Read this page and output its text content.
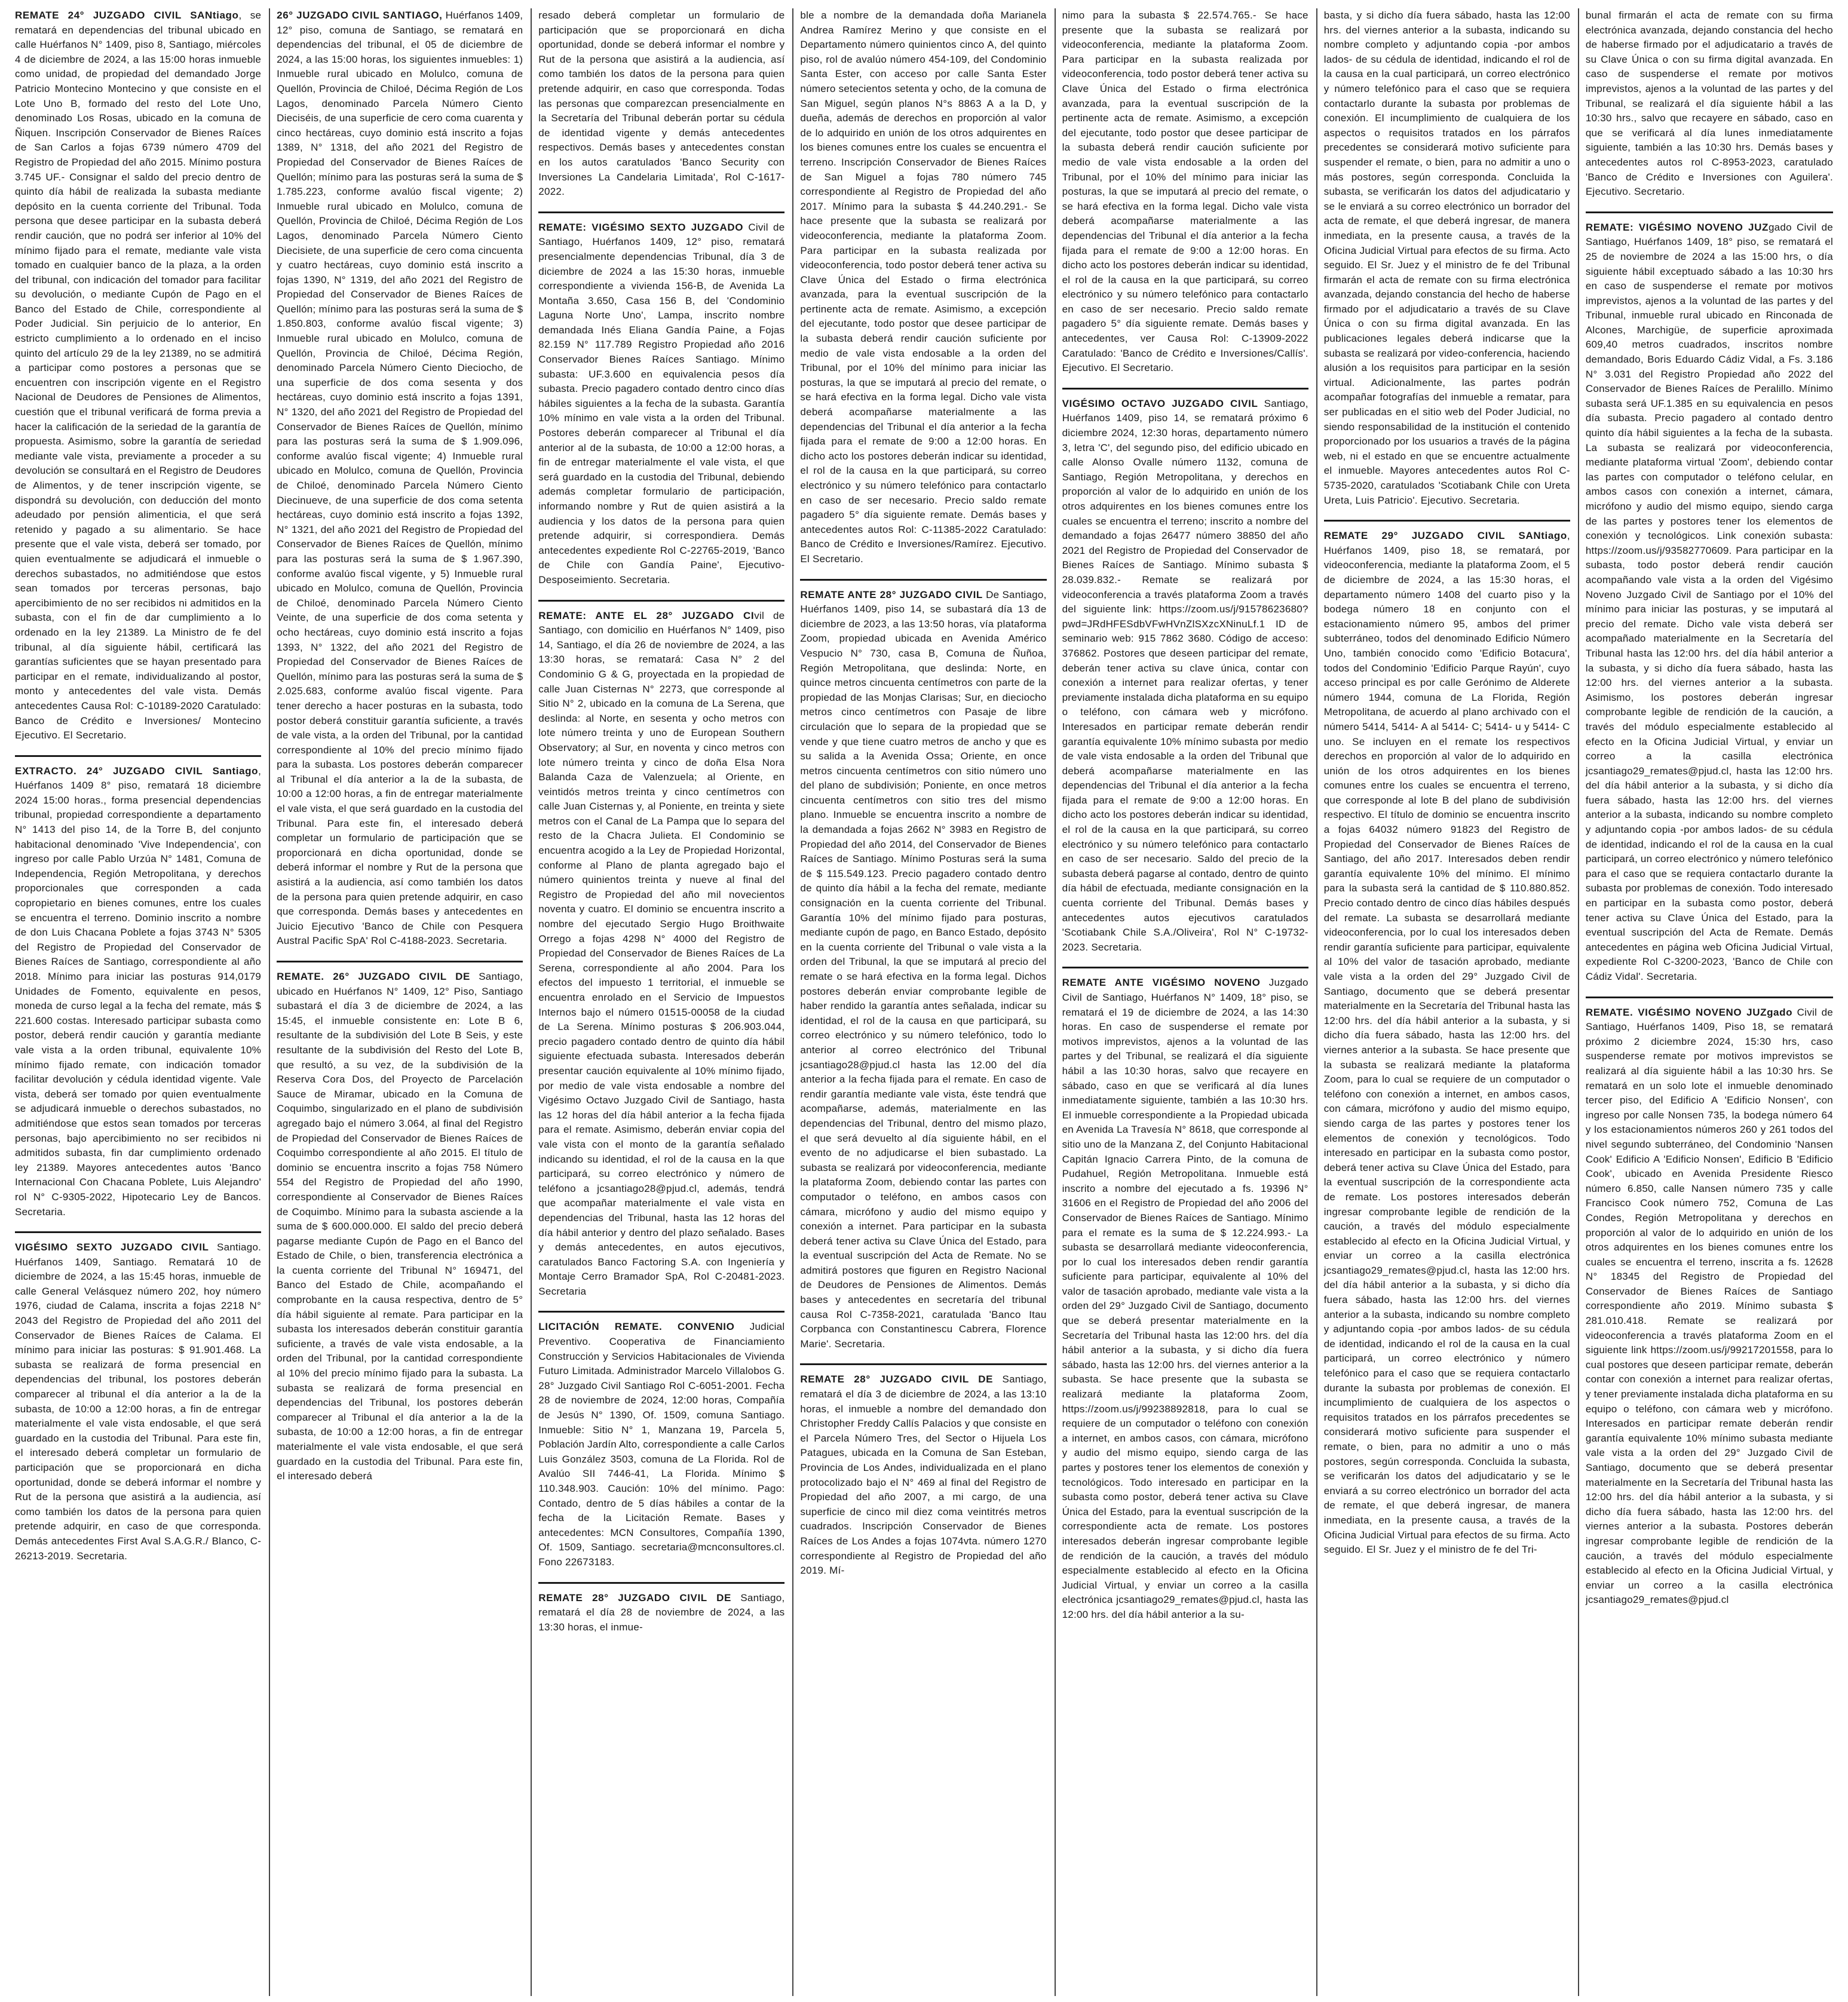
REMATE 24° JUZGADO CIVIL SANtiago, se rematará en dependencias del tribunal ubicado en calle Huérfanos N° 1409, piso 8, Santiago, miércoles 4 de diciembre de 2024, a las 15:00 horas inmueble como unidad, de propiedad del demandado Jorge Patricio Montecino Montecino y que consiste en el Lote Uno B, formado del resto del Lote Uno, denominado Los Rosas, ubicado en la comuna de Ñiquen. Inscripción Conservador de Bienes Raíces de San Carlos a fojas 6739 número 4709 del Registro de Propiedad del año 2015. Mínimo postura 3.745 UF.- Consignar el saldo del precio dentro de quinto día hábil de realizada la subasta mediante depósito en la cuenta corriente del Tribunal. Toda persona que desee participar en la subasta deberá rendir caución, que no podrá ser inferior al 10% del mínimo fijado para el remate, mediante vale vista tomado en cualquier banco de la plaza, a la orden del tribunal, con indicación del tomador para facilitar su devolución, o mediante Cupón de Pago en el Banco del Estado de Chile, correspondiente al Poder Judicial. Sin perjuicio de lo anterior, En estricto cumplimiento a lo ordenado en el inciso quinto del artículo 29 de la ley 21389, no se admitirá a participar como postores a personas que se encuentren con inscripción vigente en el Registro Nacional de Deudores de Pensiones de Alimentos, cuestión que el tribunal verificará de forma previa a hacer la calificación de la seriedad de la garantía de propuesta. Asimismo, sobre la garantía de seriedad mediante vale vista, previamente a proceder a su devolución se consultará en el Registro de Deudores de Alimentos, y de tener inscripción vigente, se dispondrá su devolución, con deducción del monto adeudado por pensión alimenticia, el que será retenido y pagado a su alimentario. Se hace presente que el vale vista, deberá ser tomado, por quien eventualmente se adjudicará el inmueble o derechos subastados, no admitiéndose que estos sean tomados por terceras personas, bajo apercibimiento de no ser recibidos ni admitidos en la subasta, con el fin de dar cumplimiento a lo ordenado en la ley 21389. La Ministro de fe del tribunal, al día siguiente hábil, certificará las garantías suficientes que se hayan presentado para participar en el remate, individualizando al postor, monto y antecedentes del vale vista. Demás antecedentes Causa Rol: C-10189-2020 Caratulado: Banco de Crédito e Inversiones/ Montecino Ejecutivo. El Secretario.

EXTRACTO. 24° JUZGADO CIVIL Santiago, Huérfanos 1409 8° piso, rematará 18 diciembre 2024 15:00 horas., forma presencial dependencias tribunal, propiedad correspondiente a departamento N° 1413 del piso 14, de la Torre B, del conjunto habitacional denominado 'Vive Independencia', con ingreso por calle Pablo Urzúa N° 1481, Comuna de Independencia, Región Metropolitana, y derechos proporcionales que corresponden a cada copropietario en bienes comunes, entre los cuales se encuentra el terreno. Dominio inscrito a nombre de don Luis Chacana Poblete a fojas 3743 N° 5305 del Registro de Propiedad del Conservador de Bienes Raíces de Santiago, correspondiente al año 2018. Mínimo para iniciar las posturas 914,0179 Unidades de Fomento, equivalente en pesos, moneda de curso legal a la fecha del remate, más $ 221.600 costas. Interesado participar subasta como postor, deberá rendir caución y garantía mediante vale vista a la orden tribunal, equivalente 10% mínimo fijado remate, con indicación tomador facilitar devolución y cédula identidad vigente. Vale vista, deberá ser tomado por quien eventualmente se adjudicará inmueble o derechos subastados, no admitiéndose que estos sean tomados por terceras personas, bajo apercibimiento no ser recibidos ni admitidos subasta, fin dar cumplimiento ordenado ley 21389. Mayores antecedentes autos 'Banco Internacional Con Chacana Poblete, Luis Alejandro' rol N° C-9305-2022, Hipotecario Ley de Bancos. Secretaria.

VIGÉSIMO SEXTO JUZGADO CIVIL Santiago. Huérfanos 1409, Santiago. Rematará 10 de diciembre de 2024, a las 15:45 horas, inmueble de calle General Velásquez número 202, hoy número 1976, ciudad de Calama, inscrita a fojas 2218 N° 2043 del Registro de Propiedad del año 2011 del Conservador de Bienes Raíces de Calama. El mínimo para iniciar las posturas: $ 91.901.468. La subasta se realizará de forma presencial en dependencias del tribunal, los postores deberán comparecer al tribunal el día anterior a la de la subasta, de 10:00 a 12:00 horas, a fin de entregar materialmente el vale vista endosable, el que será guardado en la custodia del Tribunal. Para este fin, el interesado deberá completar un formulario de participación que se proporcionará en dicha oportunidad, donde se deberá informar el nombre y Rut de la persona que asistirá a la audiencia, así como también los datos de la persona para quien pretende adquirir, en caso de que corresponda. Demás antecedentes First Aval S.A.G.R./ Blanco, C-26213-2019. Secretaria.

26° JUZGADO CIVIL SANTIAGO, Huérfanos 1409, 12° piso, comuna de Santiago, se rematará en dependencias del tribunal, el 05 de diciembre de 2024, a las 15:00 horas, los siguientes inmuebles: 1) Inmueble rural ubicado en Molulco, comuna de Quellón, Provincia de Chiloé, Décima Región de Los Lagos, denominado Parcela Número Ciento Dieciséis, de una superficie de cero coma cuarenta y cinco hectáreas, cuyo dominio está inscrito a fojas 1389, N° 1318, del año 2021 del Registro de Propiedad del Conservador de Bienes Raíces de Quellón; mínimo para las posturas será la suma de $ 1.785.223, conforme avalúo fiscal vigente; 2) Inmueble rural ubicado en Molulco, comuna de Quellón, Provincia de Chiloé, Décima Región de Los Lagos, denominado Parcela Número Ciento Diecisiete, de una superficie de cero coma cincuenta y cuatro hectáreas, cuyo dominio está inscrito a fojas 1390, N° 1319, del año 2021 del Registro de Propiedad del Conservador de Bienes Raíces de Quellón; mínimo para las posturas será la suma de $ 1.850.803, conforme avalúo fiscal vigente; 3) Inmueble rural ubicado en Molulco, comuna de Quellón, Provincia de Chiloé, Décima Región, denominado Parcela Número Ciento Dieciocho, de una superficie de dos coma sesenta y dos hectáreas, cuyo dominio está inscrito a fojas 1391, N° 1320, del año 2021 del Registro de Propiedad del Conservador de Bienes Raíces de Quellón, mínimo para las posturas será la suma de $ 1.909.096, conforme avalúo fiscal vigente; 4) Inmueble rural ubicado en Molulco, comuna de Quellón, Provincia de Chiloé, denominado Parcela Número Ciento Diecinueve, de una superficie de dos coma setenta hectáreas, cuyo dominio está inscrito a fojas 1392, N° 1321, del año 2021 del Registro de Propiedad del Conservador de Bienes Raíces de Quellón, mínimo para las posturas será la suma de $ 1.967.390, conforme avalúo fiscal vigente, y 5) Inmueble rural ubicado en Molulco, comuna de Quellón, Provincia de Chiloé, denominado Parcela Número Ciento Veinte, de una superficie de dos coma setenta y ocho hectáreas, cuyo dominio está inscrito a fojas 1393, N° 1322, del año 2021 del Registro de Propiedad del Conservador de Bienes Raíces de Quellón, mínimo para las posturas será la suma de $ 2.025.683, conforme avalúo fiscal vigente. Para tener derecho a hacer posturas en la subasta, todo postor deberá constituir garantía suficiente, a través de vale vista, a la orden del Tribunal, por la cantidad correspondiente al 10% del precio mínimo fijado para la subasta. Los postores deberán comparecer al Tribunal el día anterior a la de la subasta, de 10:00 a 12:00 horas, a fin de entregar materialmente el vale vista, el que será guardado en la custodia del Tribunal. Para este fin, el interesado deberá completar un formulario de participación que se proporcionará en dicha oportunidad, donde se deberá informar el nombre y Rut de la persona que asistirá a la audiencia, así como también los datos de la persona para quien pretende adquirir, en caso que corresponda. Demás bases y antecedentes en Juicio Ejecutivo 'Banco de Chile con Pesquera Austral Pacific SpA' Rol C-4188-2023. Secretaria.

REMATE. 26° JUZGADO CIVIL DE Santiago, ubicado en Huérfanos N° 1409, 12° Piso, Santiago subastará el día 3 de diciembre de 2024, a las 15:45, el inmueble consistente en: Lote B 6, resultante de la subdivisión del Lote B Seis, y este resultante de la subdivisión del Resto del Lote B, que resultó, a su vez, de la subdivisión de la Reserva Cora Dos, del Proyecto de Parcelación Sauce de Miramar, ubicado en la Comuna de Coquimbo, singularizado en el plano de subdivisión agregado bajo el número 3.064, al final del Registro de Propiedad del Conservador de Bienes Raíces de Coquimbo correspondiente al año 2015. El título de dominio se encuentra inscrito a fojas 758 Número 554 del Registro de Propiedad del año 1990, correspondiente al Conservador de Bienes Raíces de Coquimbo. Mínimo para la subasta asciende a la suma de $ 600.000.000. El saldo del precio deberá pagarse mediante Cupón de Pago en el Banco del Estado de Chile, o bien, transferencia electrónica a la cuenta corriente del Tribunal N° 169471, del Banco del Estado de Chile, acompañando el comprobante en la causa respectiva, dentro de 5° día hábil siguiente al remate. Para participar en la subasta los interesados deberán constituir garantía suficiente, a través de vale vista endosable, a la orden del Tribunal, por la cantidad correspondiente al 10% del precio mínimo fijado para la subasta. La subasta se realizará de forma presencial en dependencias del Tribunal, los postores deberán comparecer al Tribunal el día anterior a la de la subasta, de 10:00 a 12:00 horas, a fin de entregar materialmente el vale vista endosable, el que será guardado en la custodia del Tribunal. Para este fin, el interesado deberá

resado deberá completar un formulario de participación que se proporcionará en dicha oportunidad, donde se deberá informar el nombre y Rut de la persona que asistirá a la audiencia, así como también los datos de la persona para quien pretende adquirir, en caso que corresponda. Todas las personas que comparezcan presencialmente en la Secretaría del Tribunal deberán portar su cédula de identidad vigente y demás antecedentes respectivos. Demás bases y antecedentes constan en los autos caratulados 'Banco Security con Inversiones La Candelaria Limitada', Rol C-1617-2022.

REMATE: VIGÉSIMO SEXTO JUZGADO Civil de Santiago, Huérfanos 1409, 12° piso, rematará presencialmente dependencias Tribunal, día 3 de diciembre de 2024 a las 15:30 horas, inmueble correspondiente a vivienda 156-B, de Avenida La Montaña 3.650, Casa 156 B, del 'Condominio Laguna Norte Uno', Lampa, inscrito nombre demandada Inés Eliana Gandía Paine, a Fojas 82.159 N° 117.789 Registro Propiedad año 2016 Conservador Bienes Raíces Santiago. Mínimo subasta: UF.3.600 en equivalencia pesos día subasta. Precio pagadero contado dentro cinco días hábiles siguientes a la fecha de la subasta. Garantía 10% mínimo en vale vista a la orden del Tribunal. Postores deberán comparecer al Tribunal el día anterior al de la subasta, de 10:00 a 12:00 horas, a fin de entregar materialmente el vale vista, el que será guardado en la custodia del Tribunal, debiendo además completar formulario de participación, informando nombre y Rut de quien asistirá a la audiencia y los datos de la persona para quien pretende adquirir, si correspondiera. Demás antecedentes expediente Rol C-22765-2019, 'Banco de Chile con Gandía Paine', Ejecutivo-Desposeimiento. Secretaria.

REMATE: ANTE EL 28° JUZGADO CIvil de Santiago, con domicilio en Huérfanos N° 1409, piso 14, Santiago, el día 26 de noviembre de 2024, a las 13:30 horas, se rematará: Casa N° 2 del Condominio G & G, proyectada en la propiedad de calle Juan Cisternas N° 2273, que corresponde al Sitio N° 2, ubicado en la comuna de La Serena, que deslinda: al Norte, en sesenta y ocho metros con lote número treinta y uno de European Southern Observatory; al Sur, en noventa y cinco metros con lote número treinta y cinco de doña Elsa Nora Balanda Caza de Valenzuela; al Oriente, en veintidós metros treinta y cinco centímetros con calle Juan Cisternas y, al Poniente, en treinta y siete metros con el Canal de La Pampa que lo separa del resto de la Chacra Julieta. El Condominio se encuentra acogido a la Ley de Propiedad Horizontal, conforme al Plano de planta agregado bajo el número quinientos treinta y nueve al final del Registro de Propiedad del año mil novecientos noventa y cuatro. El dominio se encuentra inscrito a nombre del ejecutado Sergio Hugo Broithwaite Orrego a fojas 4298 N° 4000 del Registro de Propiedad del Conservador de Bienes Raíces de La Serena, correspondiente al año 2004. Para los efectos del impuesto 1 territorial, el inmueble se encuentra enrolado en el Servicio de Impuestos Internos bajo el número 01515-00058 de la ciudad de La Serena. Mínimo posturas $ 206.903.044, precio pagadero contado dentro de quinto día hábil siguiente efectuada subasta. Interesados deberán presentar caución equivalente al 10% mínimo fijado, por medio de vale vista endosable a nombre del Vigésimo Octavo Juzgado Civil de Santiago, hasta las 12 horas del día hábil anterior a la fecha fijada para el remate. Asimismo, deberán enviar copia del vale vista con el monto de la garantía señalado indicando su identidad, el rol de la causa en la que participará, su correo electrónico y número de teléfono a jcsantiago28@pjud.cl, además, tendrá que acompañar materialmente el vale vista en dependencias del Tribunal, hasta las 12 horas del día hábil anterior y dentro del plazo señalado. Bases y demás antecedentes, en autos ejecutivos, caratulados Banco Factoring S.A. con Ingeniería y Montaje Cerro Bramador SpA, Rol C-20481-2023. Secretaria

LICITACIÓN REMATE. CONVENIO Judicial Preventivo. Cooperativa de Financiamiento Construcción y Servicios Habitacionales de Vivienda Futuro Limitada. Administrador Marcelo Villalobos G. 28° Juzgado Civil Santiago Rol C-6051-2001. Fecha 28 de noviembre de 2024, 12:00 horas, Compañía de Jesús N° 1390, Of. 1509, comuna Santiago. Inmueble: Sitio N° 1, Manzana 19, Parcela 5, Población Jardín Alto, correspondiente a calle Carlos Luis González 3503, comuna de La Florida. Rol de Avalúo SII 7446-41, La Florida. Mínimo $ 110.348.903. Caución: 10% del mínimo. Pago: Contado, dentro de 5 días hábiles a contar de la fecha de la Licitación Remate. Bases y antecedentes: MCN Consultores, Compañía 1390, Of. 1509, Santiago. secretaria@mcnconsultores.cl. Fono 22673183.

REMATE 28° JUZGADO CIVIL DE Santiago, rematará el día 28 de noviembre de 2024, a las 13:30 horas, el inmue-

ble a nombre de la demandada doña Marianela Andrea Ramírez Merino y que consiste en el Departamento número quinientos cinco A, del quinto piso, rol de avalúo número 454-109, del Condominio Santa Ester, con acceso por calle Santa Ester número setecientos setenta y ocho, de la comuna de San Miguel, según planos N°s 8863 A a la D, y dueña, además de derechos en proporción al valor de lo adquirido en unión de los otros adquirentes en los bienes comunes entre los cuales se encuentra el terreno. Inscripción Conservador de Bienes Raíces de San Miguel a fojas 780 número 745 correspondiente al Registro de Propiedad del año 2017. Mínimo para la subasta $ 44.240.291.- Se hace presente que la subasta se realizará por videoconferencia, mediante la plataforma Zoom. Para participar en la subasta realizada por videoconferencia, todo postor deberá tener activa su Clave Única del Estado o firma electrónica avanzada, para la eventual suscripción de la pertinente acta de remate. Asimismo, a excepción del ejecutante, todo postor que desee participar de la subasta deberá rendir caución suficiente por medio de vale vista endosable a la orden del Tribunal, por el 10% del mínimo para iniciar las posturas, la que se imputará al precio del remate, o se hará efectiva en la forma legal. Dicho vale vista deberá acompañarse materialmente a las dependencias del Tribunal el día anterior a la fecha fijada para el remate de 9:00 a 12:00 horas. En dicho acto los postores deberán indicar su identidad, el rol de la causa en la que participará, su correo electrónico y su número telefónico para contactarlo en caso de ser necesario. Precio saldo remate pagadero 5° día siguiente remate. Demás bases y antecedentes autos Rol: C-11385-2022 Caratulado: Banco de Crédito e Inversiones/Ramírez. Ejecutivo. El Secretario.

REMATE ANTE 28° JUZGADO CIVIL De Santiago, Huérfanos 1409, piso 14, se subastará día 13 de diciembre de 2023, a las 13:50 horas, vía plataforma Zoom, propiedad ubicada en Avenida Américo Vespucio N° 730, casa B, Comuna de Ñuñoa, Región Metropolitana, que deslinda: Norte, en quince metros cincuenta centímetros con parte de la propiedad de las Monjas Clarisas; Sur, en dieciocho metros cinco centímetros con Pasaje de libre circulación que lo separa de la propiedad que se vende y que tiene cuatro metros de ancho y que es su salida a la Avenida Ossa; Oriente, en once metros cincuenta centímetros con sitio número uno del plano de subdivisión; Poniente, en once metros cincuenta centímetros con sitio tres del mismo plano. Inmueble se encuentra inscrito a nombre de la demandada a fojas 2662 N° 3983 en Registro de Propiedad del año 2014, del Conservador de Bienes Raíces de Santiago. Mínimo Posturas será la suma de $ 115.549.123. Precio pagadero contado dentro de quinto día hábil a la fecha del remate, mediante consignación en la cuenta corriente del Tribunal. Garantía 10% del mínimo fijado para posturas, mediante cupón de pago, en Banco Estado, depósito en la cuenta corriente del Tribunal o vale vista a la orden del Tribunal, la que se imputará al precio del remate o se hará efectiva en la forma legal. Dichos postores deberán enviar comprobante legible de haber rendido la garantía antes señalada, indicar su identidad, el rol de la causa en que participará, su correo electrónico y su número telefónico, todo lo anterior al correo electrónico del Tribunal jcsantiago28@pjud.cl hasta las 12.00 del día anterior a la fecha fijada para el remate. En caso de rendir garantía mediante vale vista, éste tendrá que acompañarse, además, materialmente en las dependencias del Tribunal, dentro del mismo plazo, el que será devuelto al día siguiente hábil, en el evento de no adjudicarse el bien subastado. La subasta se realizará por videoconferencia, mediante la plataforma Zoom, debiendo contar las partes con computador o teléfono, en ambos casos con cámara, micrófono y audio del mismo equipo y conexión a internet. Para participar en la subasta deberá tener activa su Clave Única del Estado, para la eventual suscripción del Acta de Remate. No se admitirá postores que figuren en Registro Nacional de Deudores de Pensiones de Alimentos. Demás bases y antecedentes en secretaría del tribunal causa Rol C-7358-2021, caratulada 'Banco Itau Corpbanca con Constantinescu Cabrera, Florence Marie'. Secretaria.

REMATE 28° JUZGADO CIVIL DE Santiago, rematará el día 3 de diciembre de 2024, a las 13:10 horas, el inmueble a nombre del demandado don Christopher Freddy Callís Palacios y que consiste en el Parcela Número Tres, del Sector o Hijuela Los Patagues, ubicada en la Comuna de San Esteban, Provincia de Los Andes, individualizada en el plano protocolizado bajo el N° 469 al final del Registro de Propiedad del año 2007, a mi cargo, de una superficie de cinco mil diez coma veintitrés metros cuadrados. Inscripción Conservador de Bienes Raíces de Los Andes a fojas 1074vta. número 1270 correspondiente al Registro de Propiedad del año 2019. Mí-

nimo para la subasta $ 22.574.765.- Se hace presente que la subasta se realizará por videoconferencia, mediante la plataforma Zoom. Para participar en la subasta realizada por videoconferencia, todo postor deberá tener activa su Clave Única del Estado o firma electrónica avanzada, para la eventual suscripción de la pertinente acta de remate. Asimismo, a excepción del ejecutante, todo postor que desee participar de la subasta deberá rendir caución suficiente por medio de vale vista endosable a la orden del Tribunal, por el 10% del mínimo para iniciar las posturas, la que se imputará al precio del remate, o se hará efectiva en la forma legal. Dicho vale vista deberá acompañarse materialmente a las dependencias del Tribunal el día anterior a la fecha fijada para el remate de 9:00 a 12:00 horas. En dicho acto los postores deberán indicar su identidad, el rol de la causa en la que participará, su correo electrónico y su número telefónico para contactarlo en caso de ser necesario. Precio saldo remate pagadero 5° día siguiente remate. Demás bases y antecedentes, ver Causa Rol: C-13909-2022 Caratulado: 'Banco de Crédito e Inversiones/Callís'. Ejecutivo. El Secretario.

VIGÉSIMO OCTAVO JUZGADO CIVIL Santiago, Huérfanos 1409, piso 14, se rematará próximo 6 diciembre 2024, 12:30 horas, departamento número 3, letra 'C', del segundo piso, del edificio ubicado en calle Alonso Ovalle número 1132, comuna de Santiago, Región Metropolitana, y derechos en proporción al valor de lo adquirido en unión de los otros adquirentes en los bienes comunes entre los cuales se encuentra el terreno; inscrito a nombre del demandado a fojas 26477 número 38850 del año 2021 del Registro de Propiedad del Conservador de Bienes Raíces de Santiago. Mínimo subasta $ 28.039.832.- Remate se realizará por videoconferencia a través plataforma Zoom a través del siguiente link: https://zoom.us/j/91578623680?pwd=JRdHFESdbVFwHVnZlSXzcXNinuLf.1 ID de seminario web: 915 7862 3680. Código de acceso: 376862. Postores que deseen participar del remate, deberán tener activa su clave única, contar con conexión a internet para realizar ofertas, y tener previamente instalada dicha plataforma en su equipo o teléfono, con cámara web y micrófono. Interesados en participar remate deberán rendir garantía equivalente 10% mínimo subasta por medio de vale vista endosable a la orden del Tribunal que deberá acompañarse materialmente en las dependencias del Tribunal el día anterior a la fecha fijada para el remate de 9:00 a 12:00 horas. En dicho acto los postores deberán indicar su identidad, el rol de la causa en la que participará, su correo electrónico y su número telefónico para contactarlo en caso de ser necesario. Saldo del precio de la subasta deberá pagarse al contado, dentro de quinto día hábil de efectuada, mediante consignación en la cuenta corriente del Tribunal. Demás bases y antecedentes autos ejecutivos caratulados 'Scotiabank Chile S.A./Oliveira', Rol N° C-19732-2023. Secretaria.

REMATE ANTE VIGÉSIMO NOVENO Juzgado Civil de Santiago, Huérfanos N° 1409, 18° piso, se rematará el 19 de diciembre de 2024, a las 14:30 horas. En caso de suspenderse el remate por motivos imprevistos, ajenos a la voluntad de las partes y del Tribunal, se realizará el día siguiente hábil a las 10:30 horas, salvo que recayere en sábado, caso en que se verificará al día lunes inmediatamente siguiente, también a las 10:30 hrs. El inmueble correspondiente a la Propiedad ubicada en Avenida La Travesía N° 8618, que corresponde al sitio uno de la Manzana Z, del Conjunto Habitacional Capitán Ignacio Carrera Pinto, de la comuna de Pudahuel, Región Metropolitana. Inmueble está inscrito a nombre del ejecutado a fs. 19396 N° 31606 en el Registro de Propiedad del año 2006 del Conservador de Bienes Raíces de Santiago. Mínimo para el remate es la suma de $ 12.224.993.- La subasta se desarrollará mediante videoconferencia, por lo cual los interesados deben rendir garantía suficiente para participar, equivalente al 10% del valor de tasación aprobado, mediante vale vista a la orden del 29° Juzgado Civil de Santiago, documento que se deberá presentar materialmente en la Secretaría del Tribunal hasta las 12:00 hrs. del día hábil anterior a la subasta, y si dicho día fuera sábado, hasta las 12:00 hrs. del viernes anterior a la subasta. Se hace presente que la subasta se realizará mediante la plataforma Zoom, https://zoom.us/j/99238892818, para lo cual se requiere de un computador o teléfono con conexión a internet, en ambos casos, con cámara, micrófono y audio del mismo equipo, siendo carga de las partes y postores tener los elementos de conexión y tecnológicos. Todo interesado en participar en la subasta como postor, deberá tener activa su Clave Única del Estado, para la eventual suscripción de la correspondiente acta de remate. Los postores interesados deberán ingresar comprobante legible de rendición de la caución, a través del módulo especialmente establecido al efecto en la Oficina Judicial Virtual, y enviar un correo a la casilla electrónica jcsantiago29_remates@pjud.cl, hasta las 12:00 hrs. del día hábil anterior a la su-

basta, y si dicho día fuera sábado, hasta las 12:00 hrs. del viernes anterior a la subasta, indicando su nombre completo y adjuntando copia -por ambos lados- de su cédula de identidad, indicando el rol de la causa en la cual participará, un correo electrónico y número telefónico para el caso que se requiera contactarlo durante la subasta por problemas de conexión. El incumplimiento de cualquiera de los aspectos o requisitos tratados en los párrafos precedentes se considerará motivo suficiente para suspender el remate, o bien, para no admitir a uno o más postores, según corresponda. Concluida la subasta, se verificarán los datos del adjudicatario y se le enviará a su correo electrónico un borrador del acta de remate, el que deberá ingresar, de manera inmediata, en la presente causa, a través de la Oficina Judicial Virtual para efectos de su firma. Acto seguido. El Sr. Juez y el ministro de fe del Tribunal firmarán el acta de remate con su firma electrónica avanzada, dejando constancia del hecho de haberse firmado por el adjudicatario a través de su Clave Única o con su firma digital avanzada. En las publicaciones legales deberá indicarse que la subasta se realizará por video-conferencia, haciendo alusión a los requisitos para participar en la sesión virtual. Adicionalmente, las partes podrán acompañar fotografías del inmueble a rematar, para ser publicadas en el sitio web del Poder Judicial, no siendo responsabilidad de la institución el contenido proporcionado por los usuarios a través de la página web, ni el estado en que se encuentre actualmente el inmueble. Mayores antecedentes autos Rol C-5735-2020, caratulados 'Scotiabank Chile con Ureta Ureta, Luis Patricio'. Ejecutivo. Secretaria.

REMATE 29° JUZGADO CIVIL SANtiago, Huérfanos 1409, piso 18, se rematará, por videoconferencia, mediante la plataforma Zoom, el 5 de diciembre de 2024, a las 15:30 horas, el departamento número 1408 del cuarto piso y la bodega número 18 en conjunto con el estacionamiento número 95, ambos del primer subterráneo, todos del denominado Edificio Número Uno, también conocido como 'Edificio Botacura', todos del Condominio 'Edificio Parque Rayún', cuyo acceso principal es por calle Gerónimo de Alderete número 1944, comuna de La Florida, Región Metropolitana, de acuerdo al plano archivado con el número 5414, 5414- A al 5414- C; 5414- u y 5414- C uno. Se incluyen en el remate los respectivos derechos en proporción al valor de lo adquirido en unión de los otros adquirentes en los bienes comunes entre los cuales se encuentra el terreno, que corresponde al lote B del plano de subdivisión respectivo. El título de dominio se encuentra inscrito a fojas 64032 número 91823 del Registro de Propiedad del Conservador de Bienes Raíces de Santiago, del año 2017. Interesados deben rendir garantía equivalente 10% del mínimo. El mínimo para la subasta será la cantidad de $ 110.880.852. Precio contado dentro de cinco días hábiles después del remate. La subasta se desarrollará mediante videoconferencia, por lo cual los interesados deben rendir garantía suficiente para participar, equivalente al 10% del valor de tasación aprobado, mediante vale vista a la orden del 29° Juzgado Civil de Santiago, documento que se deberá presentar materialmente en la Secretaría del Tribunal hasta las 12:00 hrs. del día hábil anterior a la subasta, y si dicho día fuera sábado, hasta las 12:00 hrs. del viernes anterior a la subasta. Se hace presente que la subasta se realizará mediante la plataforma Zoom, para lo cual se requiere de un computador o teléfono con conexión a internet, en ambos casos, con cámara, micrófono y audio del mismo equipo, siendo carga de las partes y postores tener los elementos de conexión y tecnológicos. Todo interesado en participar en la subasta como postor, deberá tener activa su Clave Única del Estado, para la eventual suscripción de la correspondiente acta de remate. Los postores interesados deberán ingresar comprobante legible de rendición de la caución, a través del módulo especialmente establecido al efecto en la Oficina Judicial Virtual, y enviar un correo a la casilla electrónica jcsantiago29_remates@pjud.cl, hasta las 12:00 hrs. del día hábil anterior a la subasta, y si dicho día fuera sábado, hasta las 12:00 hrs. del viernes anterior a la subasta, indicando su nombre completo y adjuntando copia -por ambos lados- de su cédula de identidad, indicando el rol de la causa en la cual participará, un correo electrónico y número telefónico para el caso que se requiera contactarlo durante la subasta por problemas de conexión. El incumplimiento de cualquiera de los aspectos o requisitos tratados en los párrafos precedentes se considerará motivo suficiente para suspender el remate, o bien, para no admitir a uno o más postores, según corresponda. Concluida la subasta, se verificarán los datos del adjudicatario y se le enviará a su correo electrónico un borrador del acta de remate, el que deberá ingresar, de manera inmediata, en la presente causa, a través de la Oficina Judicial Virtual para efectos de su firma. Acto seguido. El Sr. Juez y el ministro de fe del Tri-

bunal firmarán el acta de remate con su firma electrónica avanzada, dejando constancia del hecho de haberse firmado por el adjudicatario a través de su Clave Única o con su firma digital avanzada. En caso de suspenderse el remate por motivos imprevistos, ajenos a la voluntad de las partes y del Tribunal, se realizará el día siguiente hábil a las 10:30 hrs., salvo que recayere en sábado, caso en que se verificará al día lunes inmediatamente siguiente, también a las 10:30 hrs. Demás bases y antecedentes autos rol C-8953-2023, caratulado 'Banco de Crédito e Inversiones con Aguilera'. Ejecutivo. Secretario.

REMATE: VIGÉSIMO NOVENO JUZgado Civil de Santiago, Huérfanos 1409, 18° piso, se rematará el 25 de noviembre de 2024 a las 15:00 hrs, o día siguiente hábil exceptuado sábado a las 10:30 hrs en caso de suspenderse el remate por motivos imprevistos, ajenos a la voluntad de las partes y del Tribunal, inmueble rural ubicado en Rinconada de Alcones, Marchigüe, de superficie aproximada 609,40 metros cuadrados, inscritos nombre demandado, Boris Eduardo Cádiz Vidal, a Fs. 3.186 N° 3.031 del Registro Propiedad año 2022 del Conservador de Bienes Raíces de Peralillo. Mínimo subasta será UF.1.385 en su equivalencia en pesos día subasta. Precio pagadero al contado dentro quinto día hábil siguientes a la fecha de la subasta. La subasta se realizará por videoconferencia, mediante plataforma virtual 'Zoom', debiendo contar las partes con computador o teléfono celular, en ambos casos con conexión a internet, cámara, micrófono y audio del mismo equipo, siendo carga de las partes y postores tener los elementos de conexión y tecnológicos. Link conexión subasta: https://zoom.us/j/93582770609. Para participar en la subasta, todo postor deberá rendir caución acompañando vale vista a la orden del Vigésimo Noveno Juzgado Civil de Santiago por el 10% del mínimo para iniciar las posturas, y se imputará al precio del remate. Dicho vale vista deberá ser acompañado materialmente en la Secretaría del Tribunal hasta las 12:00 hrs. del día hábil anterior a la subasta, y si dicho día fuera sábado, hasta las 12:00 hrs. del viernes anterior a la subasta. Asimismo, los postores deberán ingresar comprobante legible de rendición de la caución, a través del módulo especialmente establecido al efecto en la Oficina Judicial Virtual, y enviar un correo a la casilla electrónica jcsantiago29_remates@pjud.cl, hasta las 12:00 hrs. del día hábil anterior a la subasta, y si dicho día fuera sábado, hasta las 12:00 hrs. del viernes anterior a la subasta, indicando su nombre completo y adjuntando copia -por ambos lados- de su cédula de identidad, indicando el rol de la causa en la cual participará, un correo electrónico y número telefónico para el caso que se requiera contactarlo durante la subasta por problemas de conexión. Todo interesado en participar en la subasta como postor, deberá tener activa su Clave Única del Estado, para la eventual suscripción del Acta de Remate. Demás antecedentes en página web Oficina Judicial Virtual, expediente Rol C-3200-2023, 'Banco de Chile con Cádiz Vidal'. Secretaria.

REMATE. VIGÉSIMO NOVENO JUZgado Civil de Santiago, Huérfanos 1409, Piso 18, se rematará próximo 2 diciembre 2024, 15:30 hrs, caso suspenderse remate por motivos imprevistos se realizará al día siguiente hábil a las 10:30 hrs. Se rematará en un solo lote el inmueble denominado tercer piso, del Edificio A 'Edificio Nonsen', con ingreso por calle Nonsen 735, la bodega número 64 y los estacionamientos números 260 y 261 todos del nivel segundo subterráneo, del Condominio 'Nansen Cook' Edificio A 'Edificio Nonsen', Edificio B 'Edificio Cook', ubicado en Avenida Presidente Riesco número 6.850, calle Nansen número 735 y calle Francisco Cook número 752, Comuna de Las Condes, Región Metropolitana y derechos en proporción al valor de lo adquirido en unión de los otros adquirentes en los bienes comunes entre los cuales se encuentra el terreno, inscrita a fs. 12628 N° 18345 del Registro de Propiedad del Conservador de Bienes Raíces de Santiago correspondiente año 2019. Mínimo subasta $ 281.010.418. Remate se realizará por videoconferencia a través plataforma Zoom en el siguiente link https://zoom.us/j/99217201558, para lo cual postores que deseen participar remate, deberán contar con conexión a internet para realizar ofertas, y tener previamente instalada dicha plataforma en su equipo o teléfono, con cámara web y micrófono. Interesados en participar remate deberán rendir garantía equivalente 10% mínimo subasta mediante vale vista a la orden del 29° Juzgado Civil de Santiago, documento que se deberá presentar materialmente en la Secretaría del Tribunal hasta las 12:00 hrs. del día hábil anterior a la subasta, y si dicho día fuera sábado, hasta las 12:00 hrs. del viernes anterior a la subasta. Postores deberán ingresar comprobante legible de rendición de la caución, a través del módulo especialmente establecido al efecto en la Oficina Judicial Virtual, y enviar un correo a la casilla electrónica jcsantiago29_remates@pjud.cl
